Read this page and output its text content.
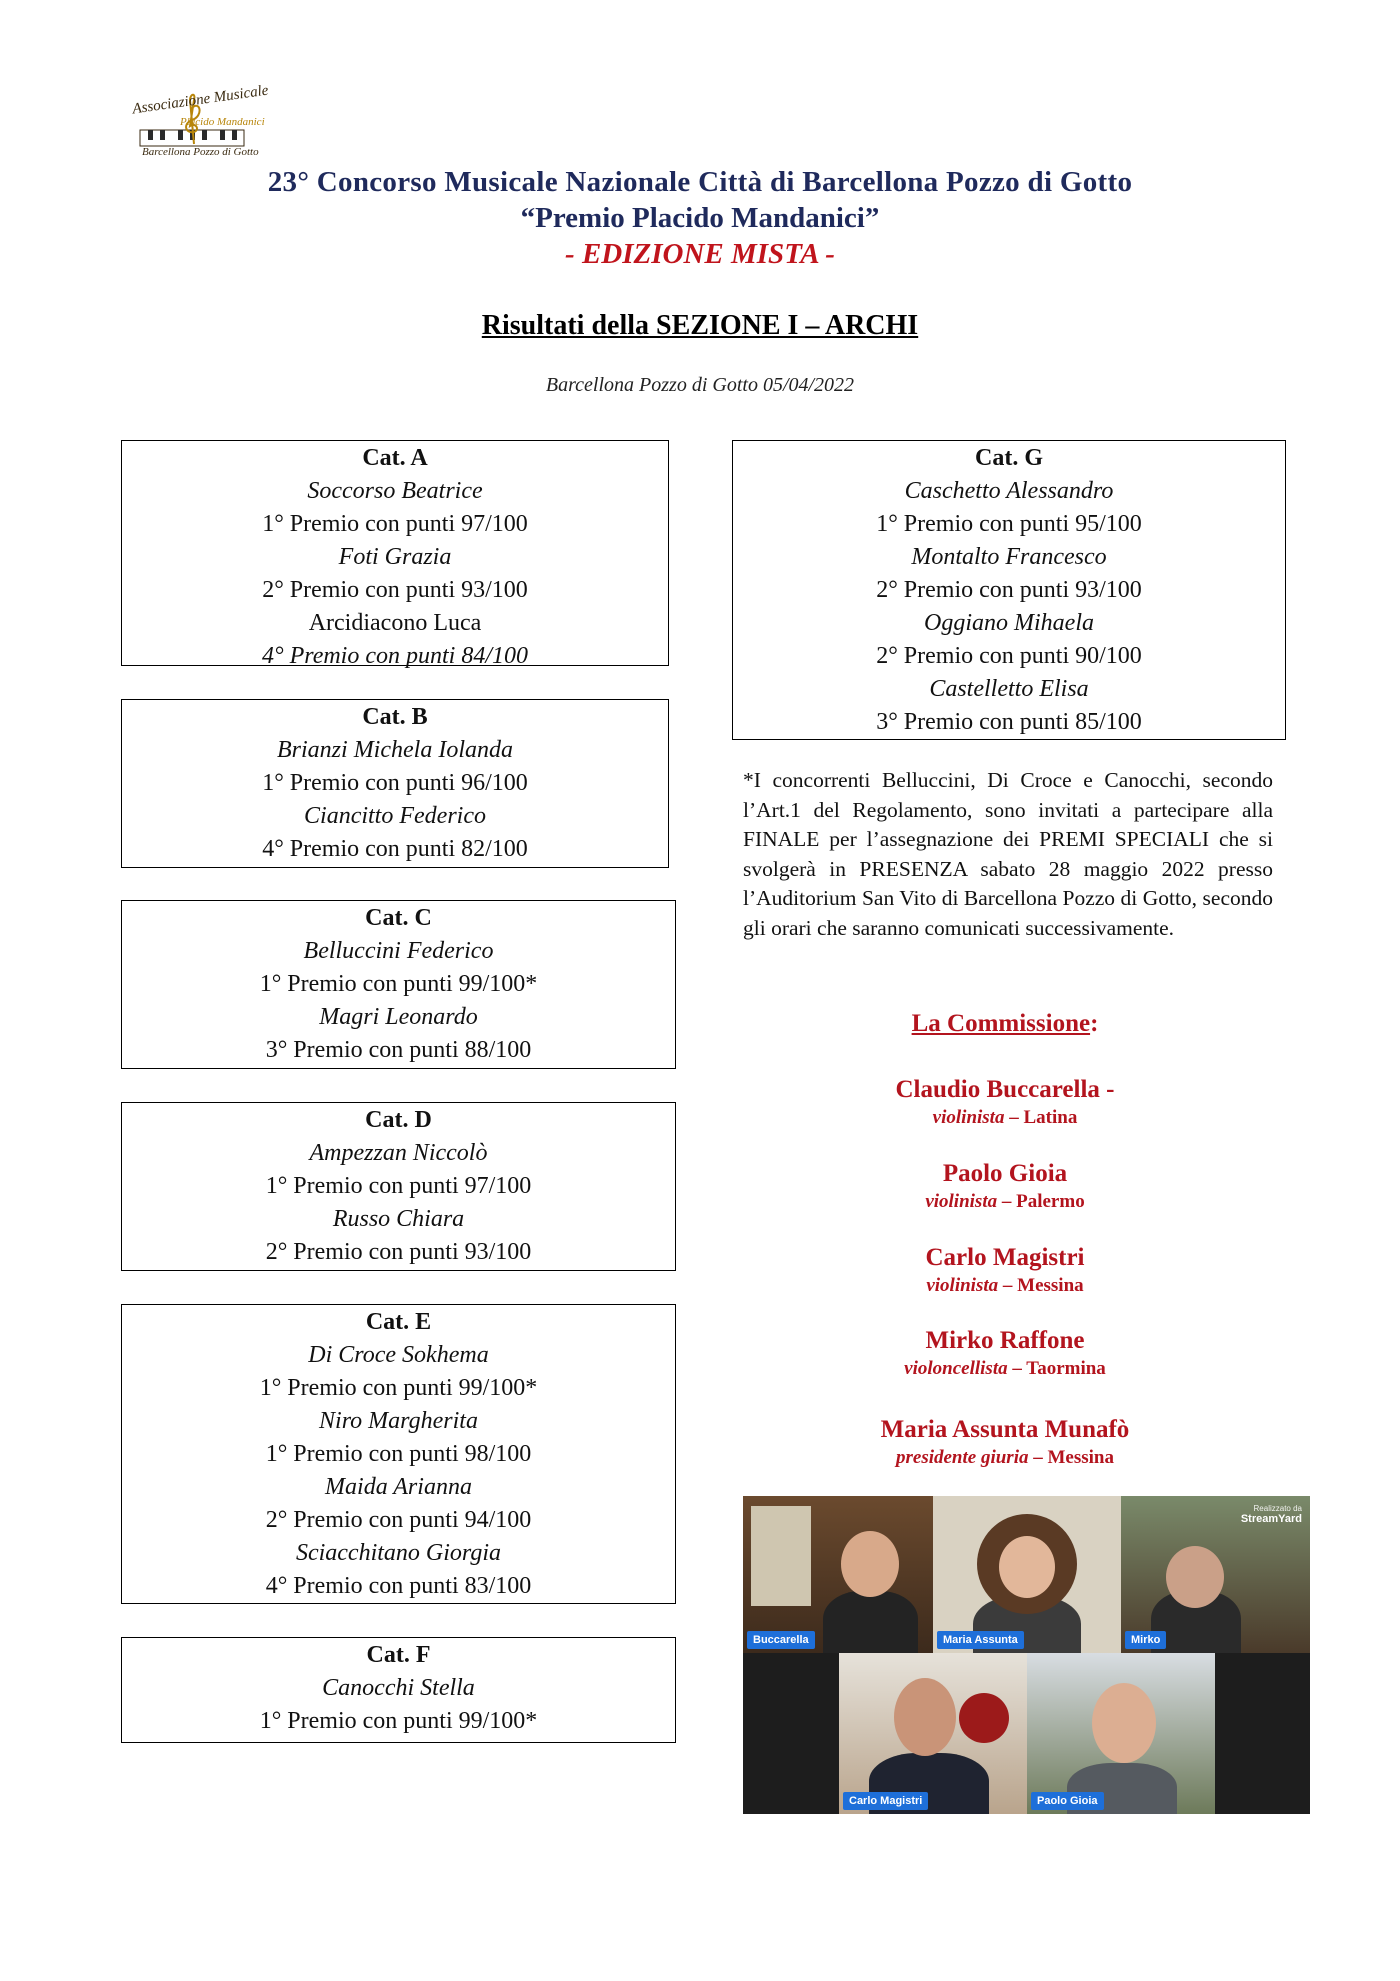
Associazione Musicale
Placido Mandanici
Barcellona Pozzo di Gotto
23° Concorso Musicale Nazionale Città di Barcellona Pozzo di Gotto
“Premio Placido Mandanici”
- EDIZIONE MISTA -
Risultati della SEZIONE I – ARCHI
Barcellona Pozzo di Gotto 05/04/2022
Cat. A
Soccorso Beatrice
1° Premio con punti 97/100
Foti Grazia
2° Premio con punti 93/100
Arcidiacono Luca
4° Premio con punti 84/100
Cat. B
Brianzi Michela Iolanda
1° Premio con punti 96/100
Ciancitto Federico
4° Premio con punti 82/100
Cat. C
Belluccini Federico
1° Premio con punti 99/100*
Magri Leonardo
3° Premio con punti 88/100
Cat. D
Ampezzan Niccolò
1° Premio con punti 97/100
Russo Chiara
2° Premio con punti 93/100
Cat. E
Di Croce Sokhema
1° Premio con punti 99/100*
Niro Margherita
1° Premio con punti 98/100
Maida Arianna
2° Premio con punti 94/100
Sciacchitano Giorgia
4° Premio con punti 83/100
Cat. F
Canocchi Stella
1° Premio con punti 99/100*
Cat. G
Caschetto Alessandro
1° Premio con punti 95/100
Montalto Francesco
2° Premio con punti 93/100
Oggiano Mihaela
2° Premio con punti 90/100
Castelletto Elisa
3° Premio con punti 85/100
*I concorrenti Belluccini, Di Croce e Canocchi, secondo l’Art.1 del Regolamento, sono invitati a partecipare alla FINALE per l’assegnazione dei PREMI SPECIALI che si svolgerà in PRESENZA sabato 28 maggio 2022 presso l’Auditorium San Vito di Barcellona Pozzo di Gotto, secondo gli orari che saranno comunicati successivamente.
La Commissione:
Claudio Buccarella -
violinista – Latina
Paolo Gioia
violinista – Palermo
Carlo Magistri
violinista – Messina
Mirko Raffone
violoncellista – Taormina
Maria Assunta Munafò
presidente giuria – Messina
Buccarella	Maria Assunta
Realizzato da
StreamYard
Mirko
Carlo Magistri	Paolo Gioia
